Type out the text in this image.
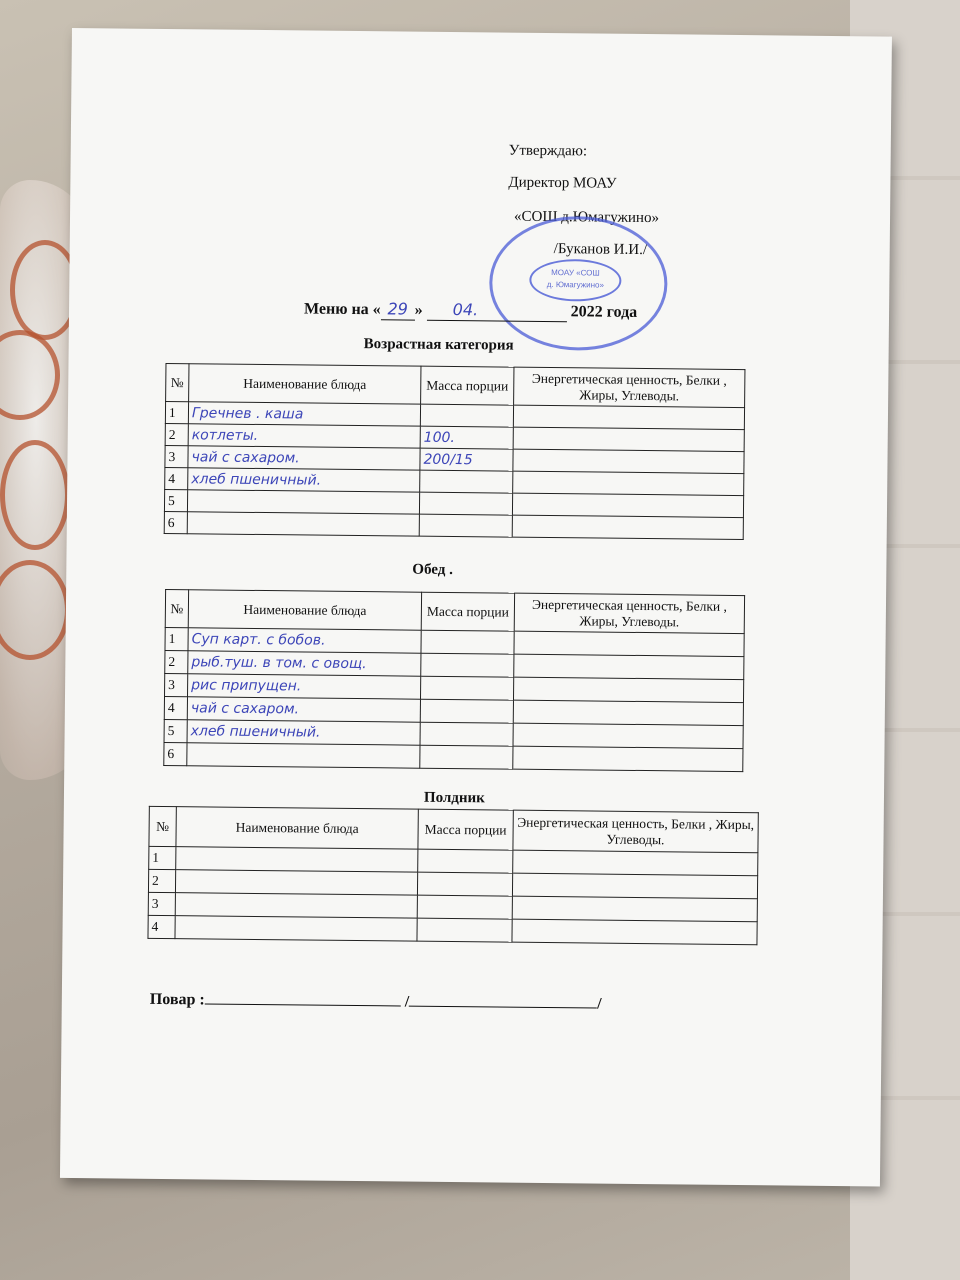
Утверждаю:
Директор МОАУ
«СОШ д.Юмагужино»
/Буканов И.И./
МОАУ «СОШ
д. Юмагужино»
Меню на « 29 » 04.	2022 года
Возрастная категория
№	Наименование блюда	Масса порции	Энергетическая ценность, Белки , Жиры, Углеводы.
1	Гречнев . каша		
2	котлеты.	100.	
3	чай с сахаром.	200/15	
4	хлеб пшеничный.		
5			
6			
Обед .
№	Наименование блюда	Масса порции	Энергетическая ценность, Белки , Жиры, Углеводы.
1	Суп карт. с бобов.		
2	рыб.туш. в том. с овощ.		
3	рис припущен.		
4	чай с сахаром.		
5	хлеб пшеничный.		
6			
Полдник
№	Наименование блюда	Масса порции	Энергетическая ценность, Белки , Жиры, Углеводы.
1			
2			
3			
4			
Повар :	/	/
